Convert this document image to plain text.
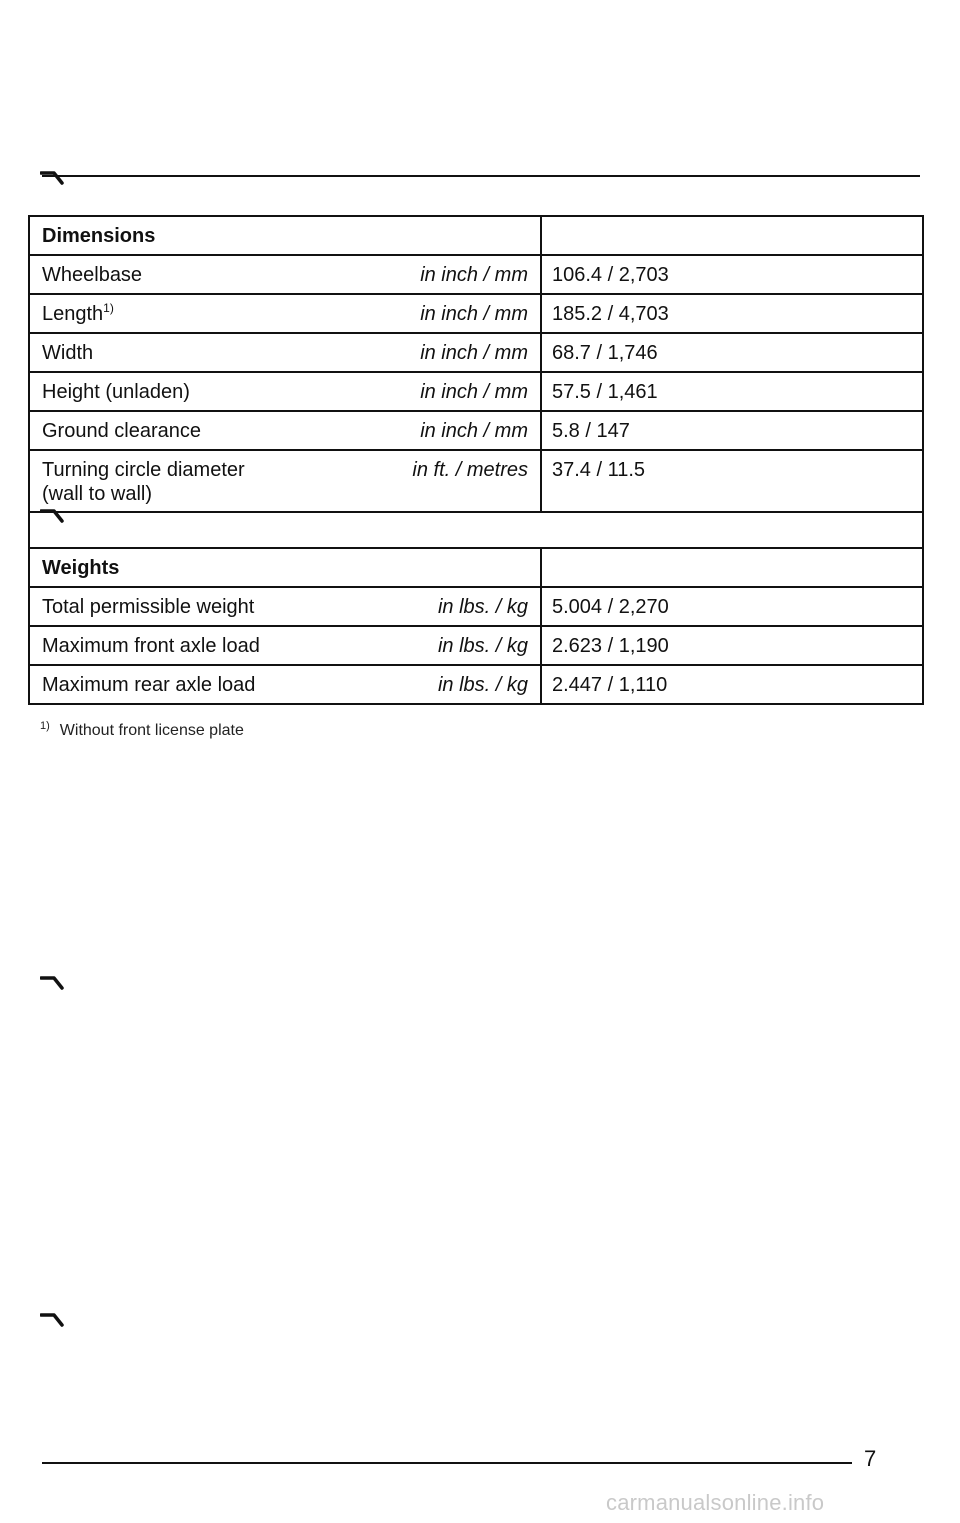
Dimensions	

Wheelbase in inch / mm	106.4 / 2,703

Length$^{1)}$ in inch / mm	185.2 / 4,703

Width in inch / mm	68.7 / 1,746

Height (unladen) in inch / mm	57.5 / 1,461

Ground clearance in inch / mm	5.8 / 147

Turning circle diameter
(wall to wall)
in ft. / metres	37.4 / 11.5

Weights	

Total permissible weight in lbs. / kg	5.004 / 2,270

Maximum front axle load in lbs. / kg	2.623 / 1,190

Maximum rear axle load in lbs. / kg	2.447 / 1,110
$^{1)}$ Without front license plate
7
carmanualsonline.info
